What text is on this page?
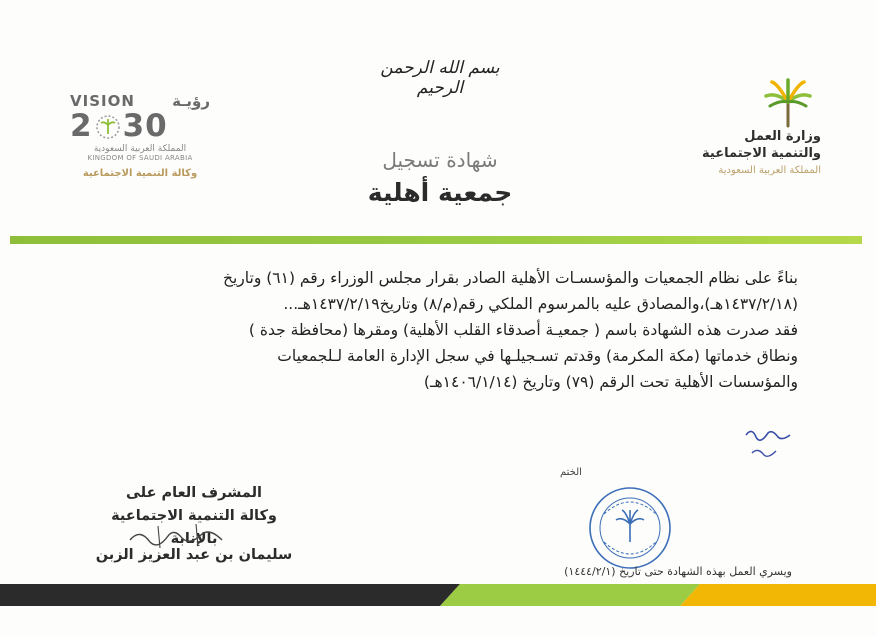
بسم الله الرحمن الرحيم
وزارة العمل
والتنمية الاجتماعية
المملكة العربية السعودية
VISION رؤيـة
2 30
المملكة العربية السعودية
KINGDOM OF SAUDI ARABIA
وكالة التنمية الاجتماعية
شهادة تسجيل
جمعية أهلية
بناءً على نظام الجمعيات والمؤسسـات الأهلية الصادر بقرار مجلس الوزراء رقم (٦١) وتاريخ
(١٤٣٧/٢/١٨هـ)،والمصادق عليه بالمرسوم الملكي رقم(م/٨) وتاريخ١٤٣٧/٢/١٩هـ...
فقد صدرت هذه الشهادة باسم ( جمعيـة أصدقاء القلب الأهلية) ومقرها (محافظة جدة )
ونطاق خدماتها (مكة المكرمة) وقدتم تسـجيلـها في سجل الإدارة العامة لـلجمعيات
والمؤسسات الأهلية تحت الرقم (٧٩) وتاريخ (١٤٠٦/١/١٤هـ)
الختم
ويسري العمل بهذه الشهادة حتى تاريخ (١٤٤٤/٢/١)
المشرف العام على
وكالة التنمية الاجتماعية بالإنابة
سليمان بن عبد العزيز الزبن
